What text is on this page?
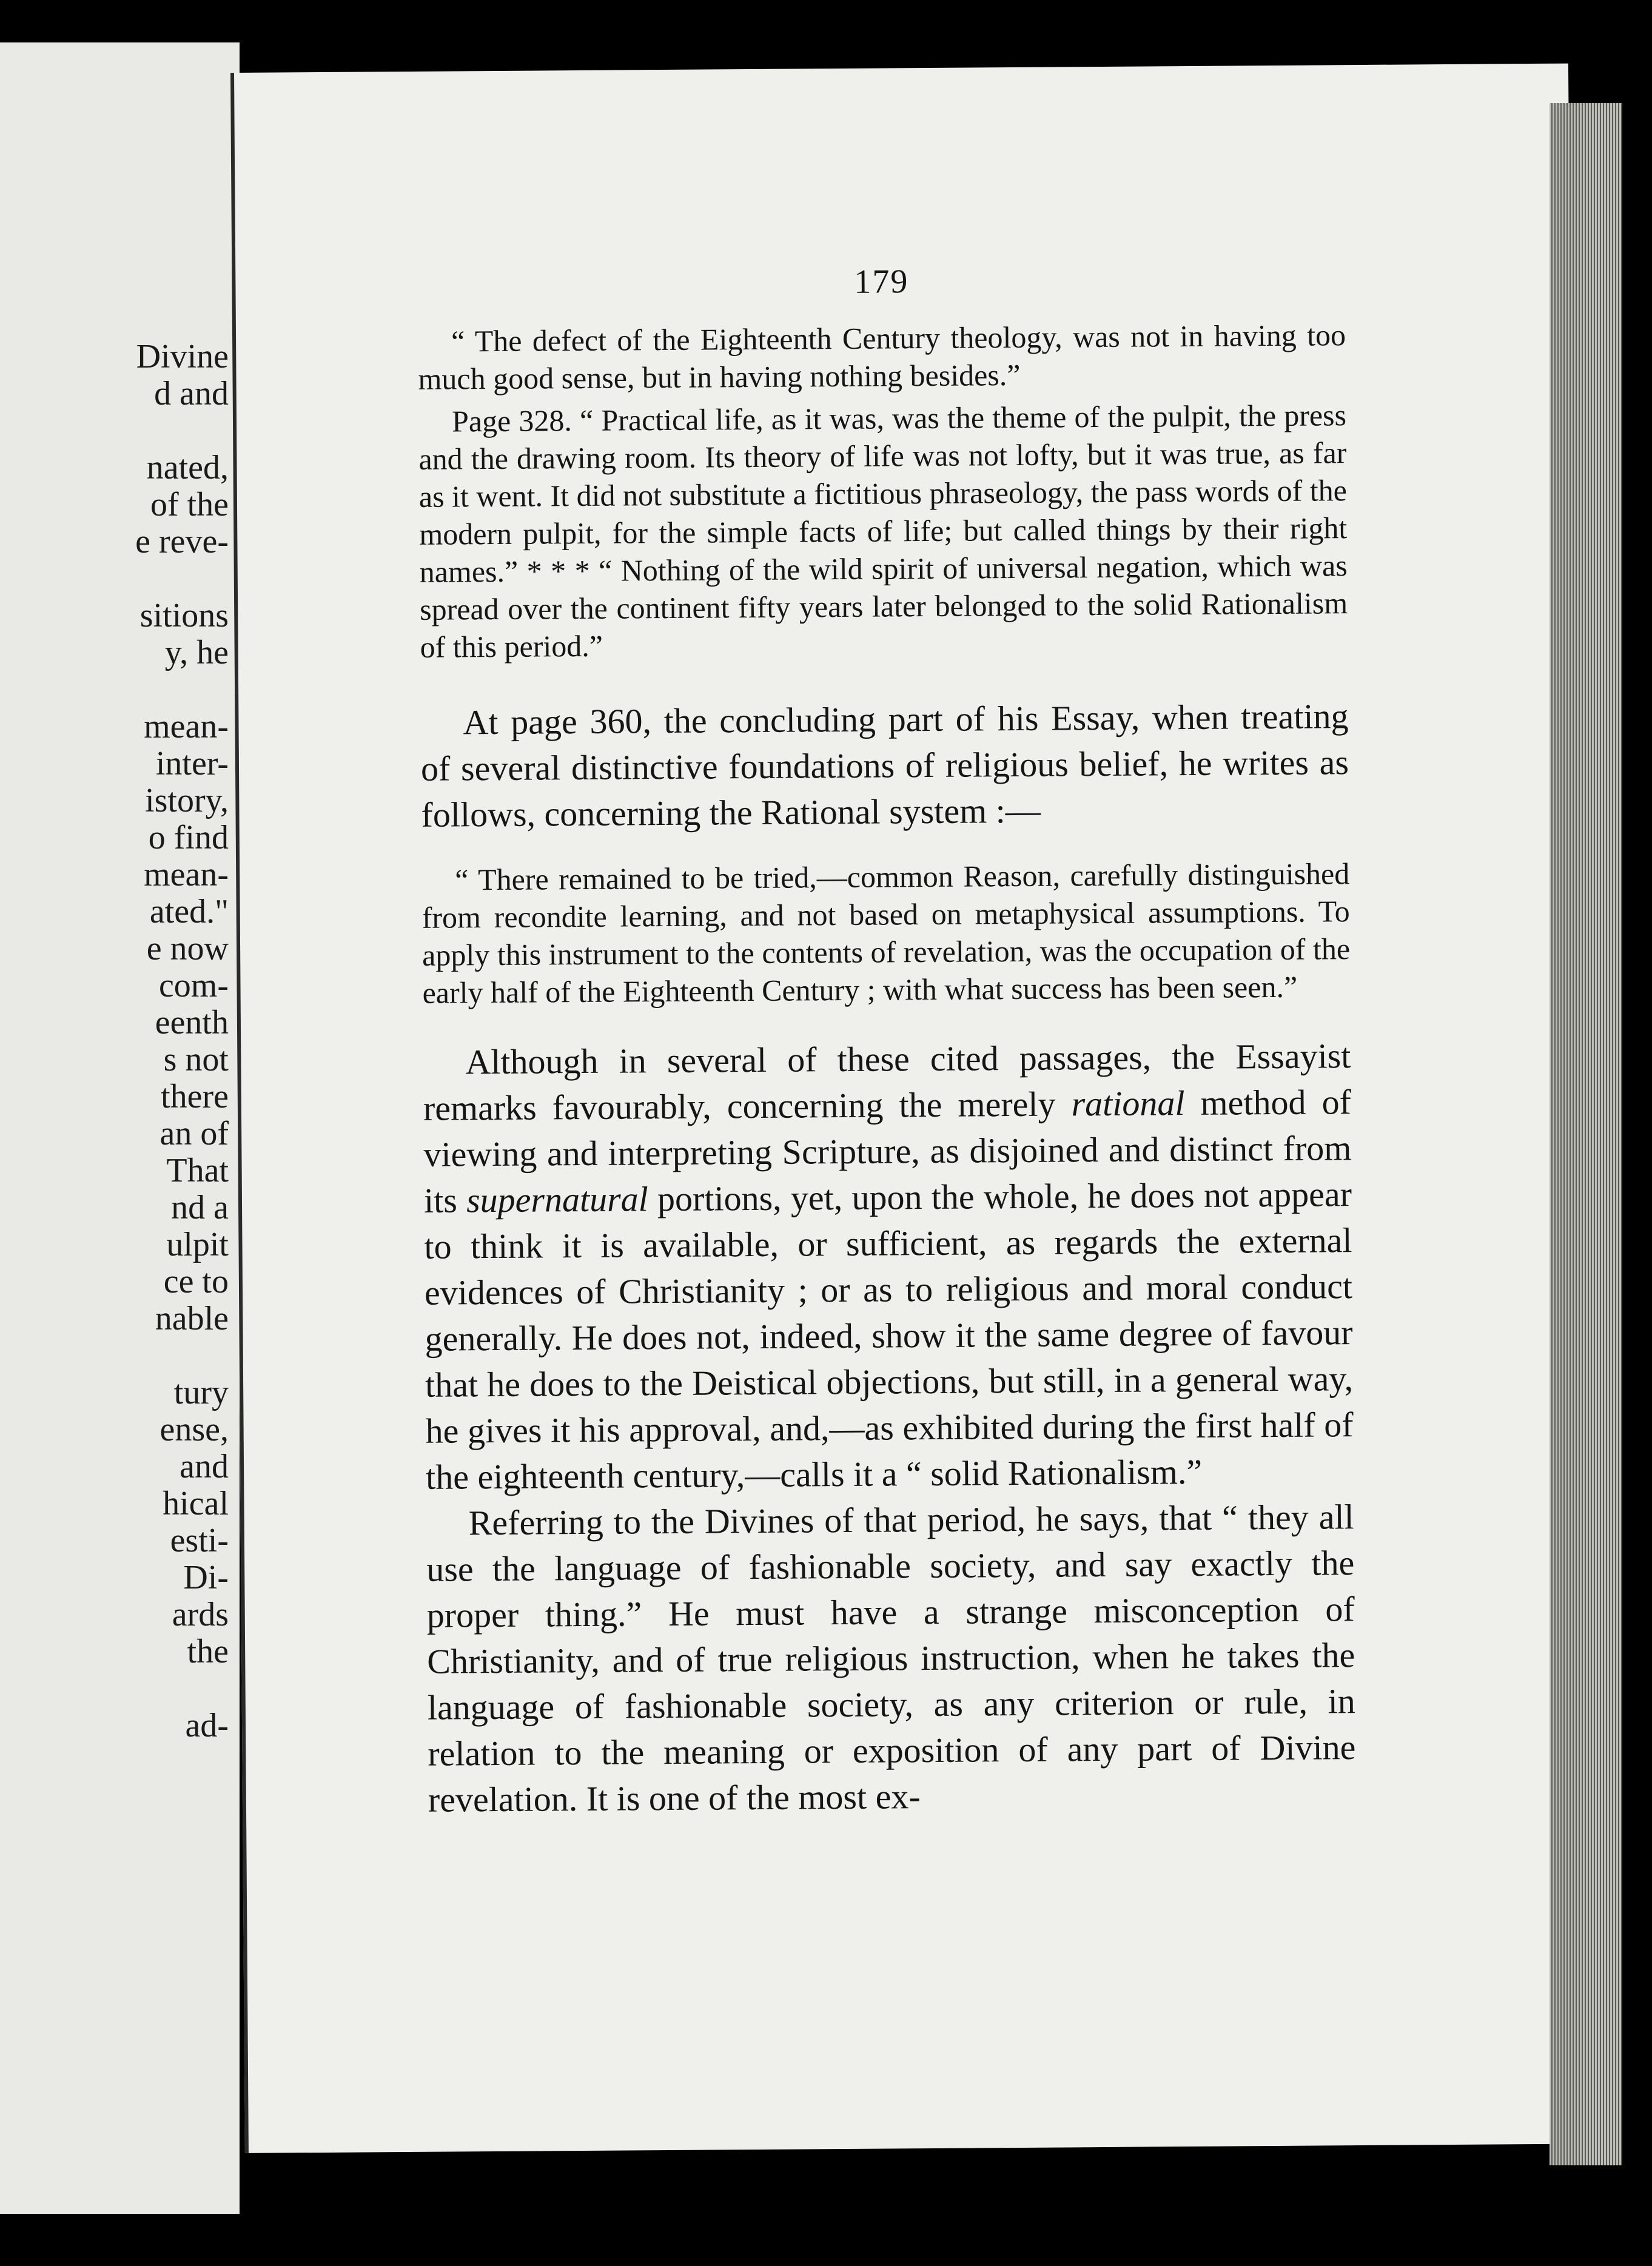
Divine
d and
nated,
of the
e reve-
sitions
y, he
mean-
inter-
istory,
o find
mean-
ated."
e now
com-
eenth
s not
there
an of
That
nd a
ulpit
ce to
nable
tury
ense,
and
hical
esti-
Di-
ards
the
ad-
179

“ The defect of the Eighteenth Century theology, was not in having too much good sense, but in having nothing besides.”

Page 328. “ Practical life, as it was, was the theme of the pulpit, the press and the drawing room. Its theory of life was not lofty, but it was true, as far as it went. It did not substitute a fictitious phraseology, the pass words of the modern pulpit, for the simple facts of life; but called things by their right names.” * * * “ Nothing of the wild spirit of universal negation, which was spread over the continent fifty years later belonged to the solid Rationalism of this period.”

At page 360, the concluding part of his Essay, when treating of several distinctive foundations of religious belief, he writes as follows, concerning the Rational system :—

“ There remained to be tried,—common Reason, carefully distinguished from recondite learning, and not based on metaphysical assumptions. To apply this instrument to the contents of revelation, was the occupation of the early half of the Eighteenth Century ; with what success has been seen.”

Although in several of these cited passages, the Essayist remarks favourably, concerning the merely rational method of viewing and interpreting Scripture, as disjoined and distinct from its supernatural portions, yet, upon the whole, he does not appear to think it is available, or sufficient, as regards the external evidences of Christianity ; or as to religious and moral conduct generally. He does not, indeed, show it the same degree of favour that he does to the Deistical objections, but still, in a general way, he gives it his approval, and,—as exhibited during the first half of the eighteenth century,—calls it a “ solid Rationalism.”

Referring to the Divines of that period, he says, that “ they all use the language of fashionable society, and say exactly the proper thing.” He must have a strange misconception of Christianity, and of true religious instruction, when he takes the language of fashionable society, as any criterion or rule, in relation to the meaning or exposition of any part of Divine revelation. It is one of the most ex-
